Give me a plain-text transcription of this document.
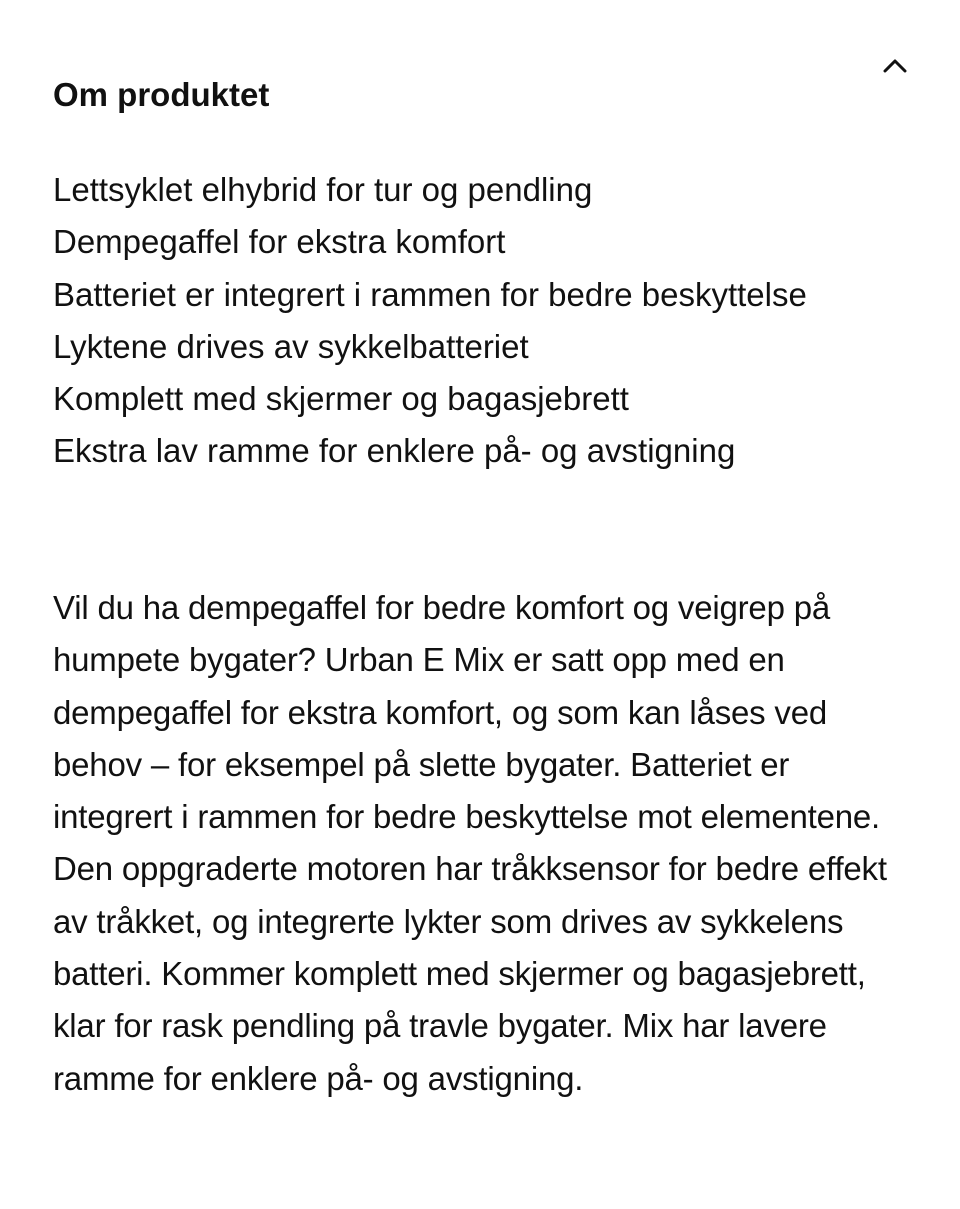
Om produktet
Lettsyklet elhybrid for tur og pendling
Dempegaffel for ekstra komfort
Batteriet er integrert i rammen for bedre beskyttelse
Lyktene drives av sykkelbatteriet
Komplett med skjermer og bagasjebrett
Ekstra lav ramme for enklere på- og avstigning

Vil du ha dempegaffel for bedre komfort og veigrep på humpete bygater? Urban E Mix er satt opp med en dempegaffel for ekstra komfort, og som kan låses ved behov – for eksempel på slette bygater. Batteriet er integrert i rammen for bedre beskyttelse mot elementene. Den oppgraderte motoren har tråkksensor for bedre effekt av tråkket, og integrerte lykter som drives av sykkelens batteri. Kommer komplett med skjermer og bagasjebrett, klar for rask pendling på travle bygater. Mix har lavere ramme for enklere på- og avstigning.
